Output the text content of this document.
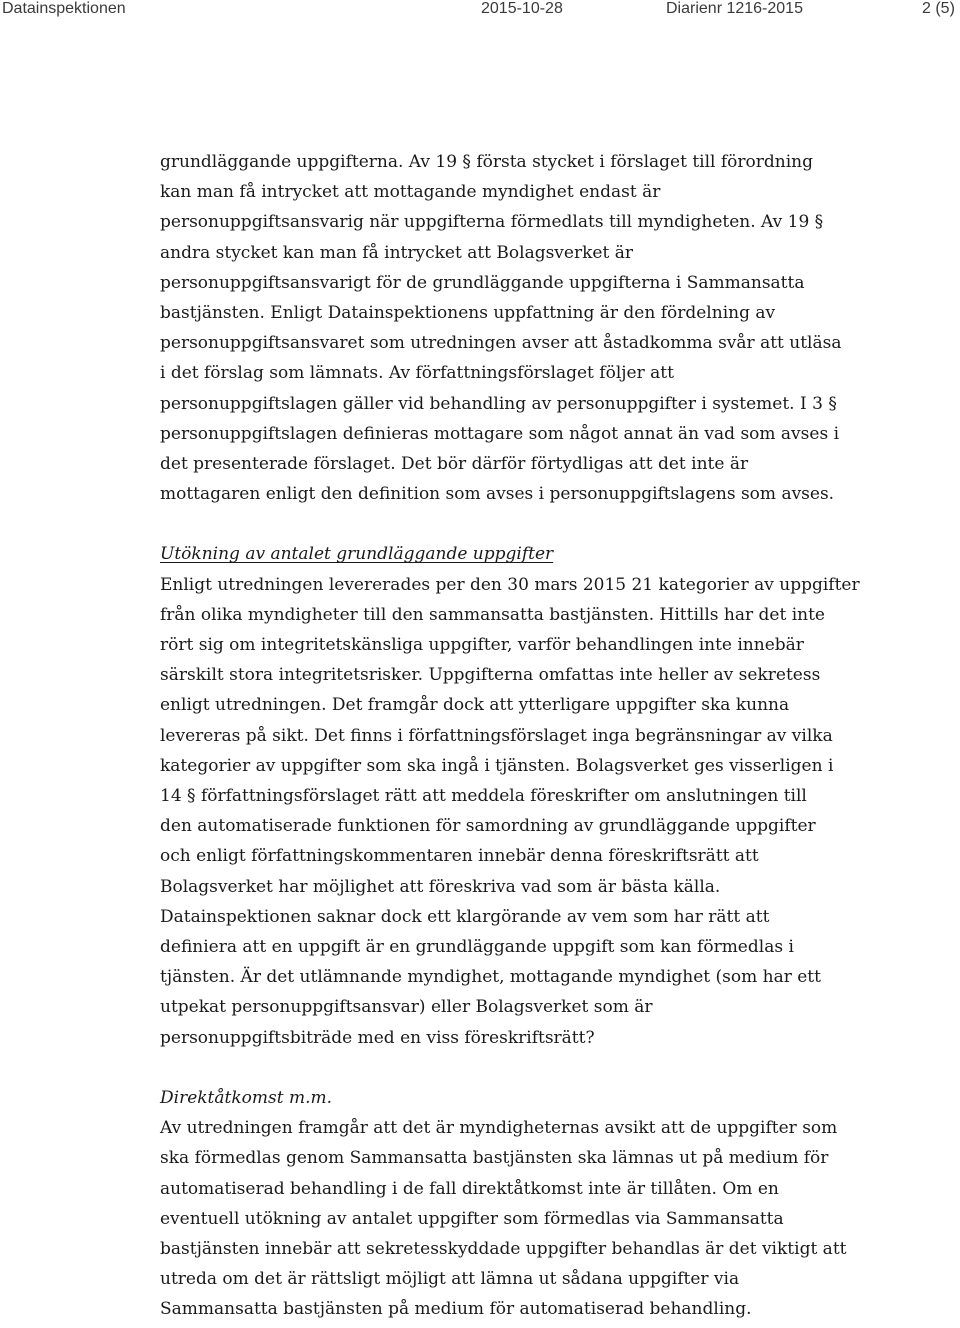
Datainspektionen	2015-10-28	Diarienr 1216-2015	2 (5)

grundläggande uppgifterna. Av 19 § första stycket i förslaget till förordning
kan man få intrycket att mottagande myndighet endast är
personuppgiftsansvarig när uppgifterna förmedlats till myndigheten. Av 19 §
andra stycket kan man få intrycket att Bolagsverket är
personuppgiftsansvarigt för de grundläggande uppgifterna i Sammansatta
bastjänsten. Enligt Datainspektionens uppfattning är den fördelning av
personuppgiftsansvaret som utredningen avser att åstadkomma svår att utläsa
i det förslag som lämnats. Av författningsförslaget följer att
personuppgiftslagen gäller vid behandling av personuppgifter i systemet. I 3 §
personuppgiftslagen definieras mottagare som något annat än vad som avses i
det presenterade förslaget. Det bör därför förtydligas att det inte är
mottagaren enligt den definition som avses i personuppgiftslagens som avses.

Utökning av antalet grundläggande uppgifter

Enligt utredningen levererades per den 30 mars 2015 21 kategorier av uppgifter
från olika myndigheter till den sammansatta bastjänsten. Hittills har det inte
rört sig om integritetskänsliga uppgifter, varför behandlingen inte innebär
särskilt stora integritetsrisker. Uppgifterna omfattas inte heller av sekretess
enligt utredningen. Det framgår dock att ytterligare uppgifter ska kunna
levereras på sikt. Det finns i författningsförslaget inga begränsningar av vilka
kategorier av uppgifter som ska ingå i tjänsten. Bolagsverket ges visserligen i
14 § författningsförslaget rätt att meddela föreskrifter om anslutningen till
den automatiserade funktionen för samordning av grundläggande uppgifter
och enligt författningskommentaren innebär denna föreskriftsrätt att
Bolagsverket har möjlighet att föreskriva vad som är bästa källa.
Datainspektionen saknar dock ett klargörande av vem som har rätt att
definiera att en uppgift är en grundläggande uppgift som kan förmedlas i
tjänsten. Är det utlämnande myndighet, mottagande myndighet (som har ett
utpekat personuppgiftsansvar) eller Bolagsverket som är
personuppgiftsbiträde med en viss föreskriftsrätt?

Direktåtkomst m.m.

Av utredningen framgår att det är myndigheternas avsikt att de uppgifter som
ska förmedlas genom Sammansatta bastjänsten ska lämnas ut på medium för
automatiserad behandling i de fall direktåtkomst inte är tillåten. Om en
eventuell utökning av antalet uppgifter som förmedlas via Sammansatta
bastjänsten innebär att sekretesskyddade uppgifter behandlas är det viktigt att
utreda om det är rättsligt möjligt att lämna ut sådana uppgifter via
Sammansatta bastjänsten på medium för automatiserad behandling.
